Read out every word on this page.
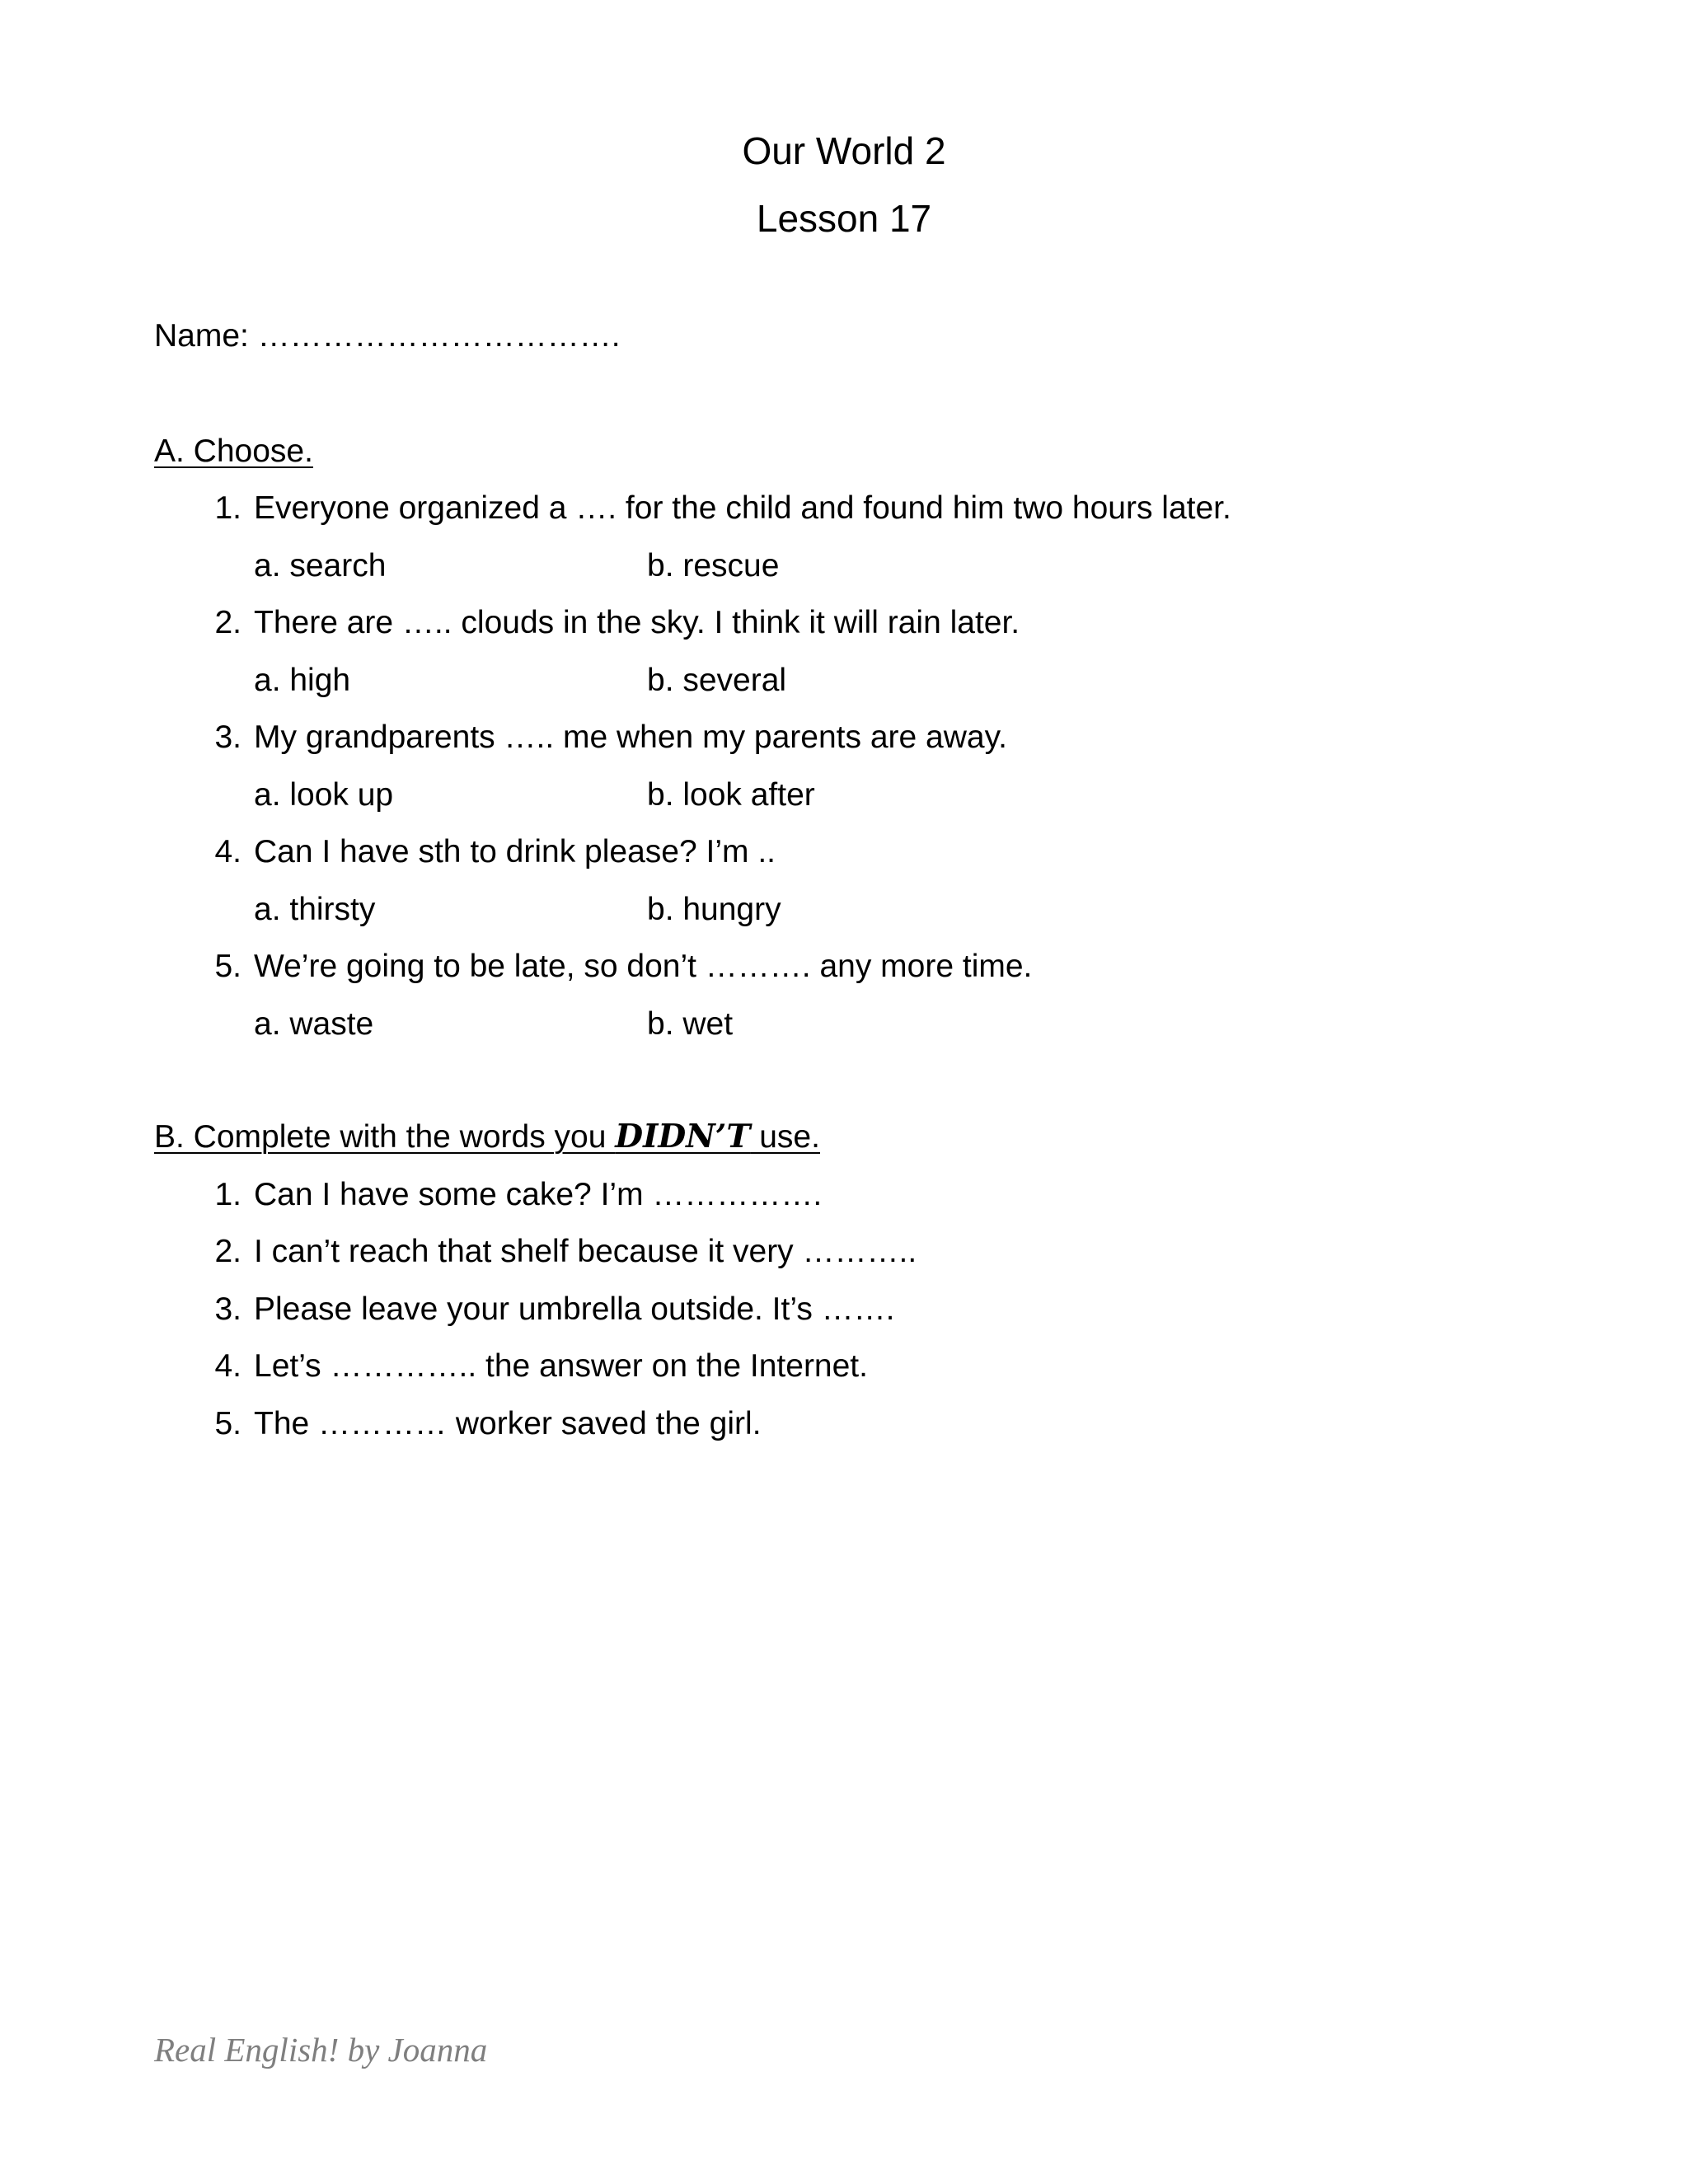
Our World 2
Lesson 17
Name: …………………………….
A. Choose.
1. Everyone organized a …. for the child and found him two hours later.
a. search	b. rescue
2. There are ….. clouds in the sky. I think it will rain later.
a. high	b. several
3. My grandparents ….. me when my parents are away.
a. look up	b. look after
4. Can I have sth to drink please? I’m ..
a. thirsty	b. hungry
5. We’re going to be late, so don’t ………. any more time.
a. waste	b. wet
B. Complete with the words you DIDN’T use.
1. Can I have some cake? I’m …………….
2. I can’t reach that shelf because it very ………..
3. Please leave your umbrella outside. It’s …….
4. Let’s ………….. the answer on the Internet.
5. The ………… worker saved the girl.
Real English! by Joanna
